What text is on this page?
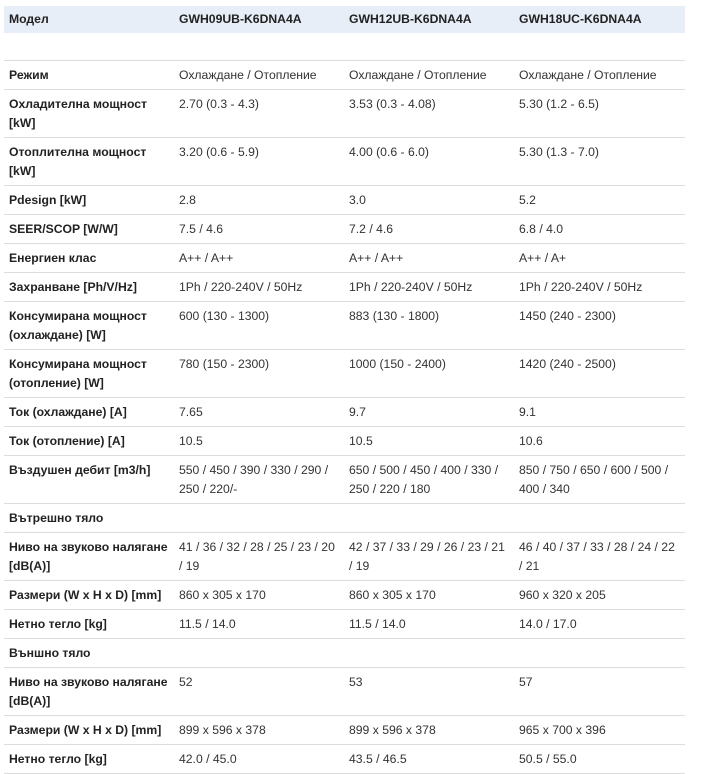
Модел	GWH09UB-K6DNA4A	GWH12UB-K6DNA4A	GWH18UC-K6DNA4A

Режим	Охлаждане / Отопление	Охлаждане / Отопление	Охлаждане / Отопление
Охладителна мощност [kW]	2.70 (0.3 - 4.3)	3.53 (0.3 - 4.08)	5.30 (1.2 - 6.5)
Отоплителна мощност [kW]	3.20 (0.6 - 5.9)	4.00 (0.6 - 6.0)	5.30 (1.3 - 7.0)
Pdesign [kW]	2.8	3.0	5.2
SEER/SCOP [W/W]	7.5 / 4.6	7.2 / 4.6	6.8 / 4.0
Енергиен клас	A++ / A++	A++ / A++	A++ / A+
Захранване [Ph/V/Hz]	1Ph / 220-240V / 50Hz	1Ph / 220-240V / 50Hz	1Ph / 220-240V / 50Hz
Консумирана мощност (охлаждане) [W]	600 (130 - 1300)	883 (130 - 1800)	1450 (240 - 2300)
Консумирана мощност (отопление) [W]	780 (150 - 2300)	1000 (150 - 2400)	1420 (240 - 2500)
Ток (охлаждане) [A]	7.65	9.7	9.1
Ток (отопление) [A]	10.5	10.5	10.6
Въздушен дебит [m3/h]	550 / 450 / 390 / 330 / 290 / 250 / 220/-	650 / 500 / 450 / 400 / 330 / 250 / 220 / 180	850 / 750 / 650 / 600 / 500 / 400 / 340
Вътрешно тяло			
Ниво на звуково налягане [dB(A)]	41 / 36 / 32 / 28 / 25 / 23 / 20 / 19	42 / 37 / 33 / 29 / 26 / 23 / 21 / 19	46 / 40 / 37 / 33 / 28 / 24 / 22 / 21
Размери (W x H x D) [mm]	860 x 305 x 170	860 x 305 x 170	960 x 320 x 205
Нетно тегло [kg]	11.5 / 14.0	11.5 / 14.0	14.0 / 17.0
Външно тяло			
Ниво на звуково налягане [dB(A)]	52	53	57
Размери (W x H x D) [mm]	899 x 596 x 378	899 x 596 x 378	965 x 700 x 396
Нетно тегло [kg]	42.0 / 45.0	43.5 / 46.5	50.5 / 55.0
